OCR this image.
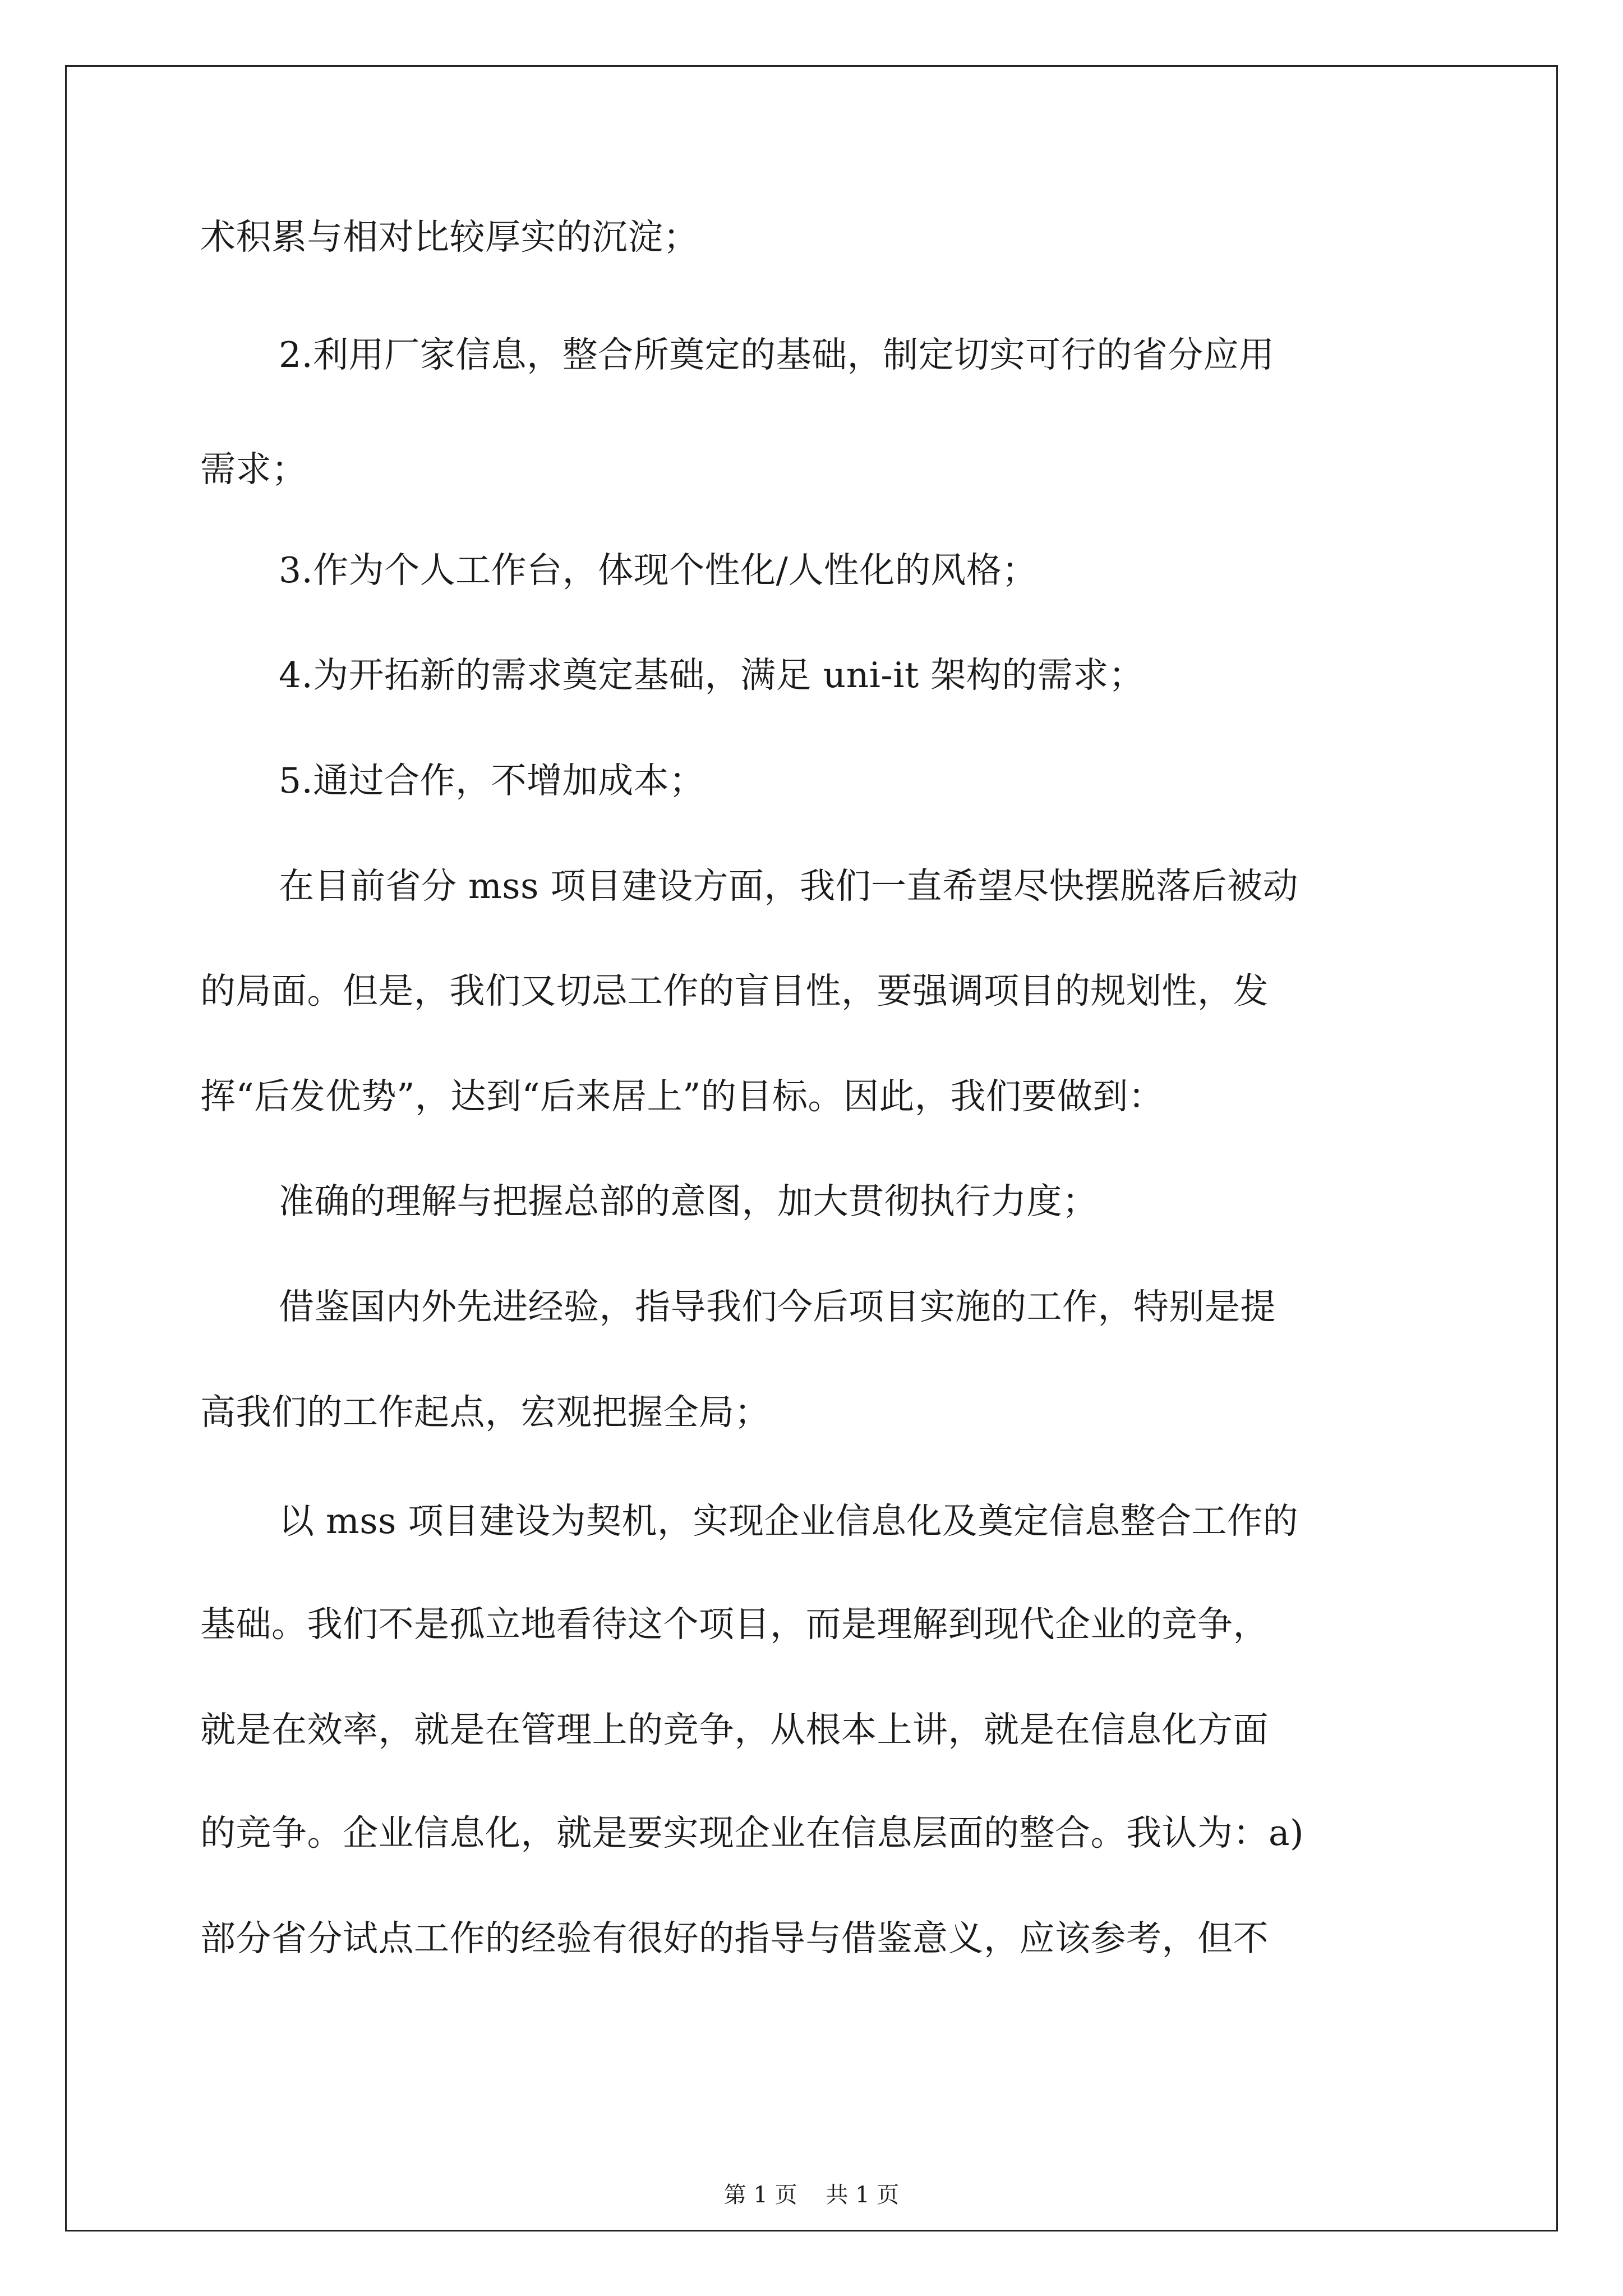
术积累与相对比较厚实的沉淀；
2.利用厂家信息，整合所奠定的基础，制定切实可行的省分应用
需求；
3.作为个人工作台，体现个性化/人性化的风格；
4.为开拓新的需求奠定基础，满足 uni-it 架构的需求；
5.通过合作，不增加成本；
在目前省分 mss 项目建设方面，我们一直希望尽快摆脱落后被动
的局面。但是，我们又切忌工作的盲目性，要强调项目的规划性，发
挥“后发优势”，达到“后来居上”的目标。因此，我们要做到：
准确的理解与把握总部的意图，加大贯彻执行力度；
借鉴国内外先进经验，指导我们今后项目实施的工作，特别是提
高我们的工作起点，宏观把握全局；
以 mss 项目建设为契机，实现企业信息化及奠定信息整合工作的
基础。我们不是孤立地看待这个项目，而是理解到现代企业的竞争，
就是在效率，就是在管理上的竞争，从根本上讲，就是在信息化方面
的竞争。企业信息化，就是要实现企业在信息层面的整合。我认为：a)
部分省分试点工作的经验有很好的指导与借鉴意义，应该参考，但不
第 1 页    共 1 页
